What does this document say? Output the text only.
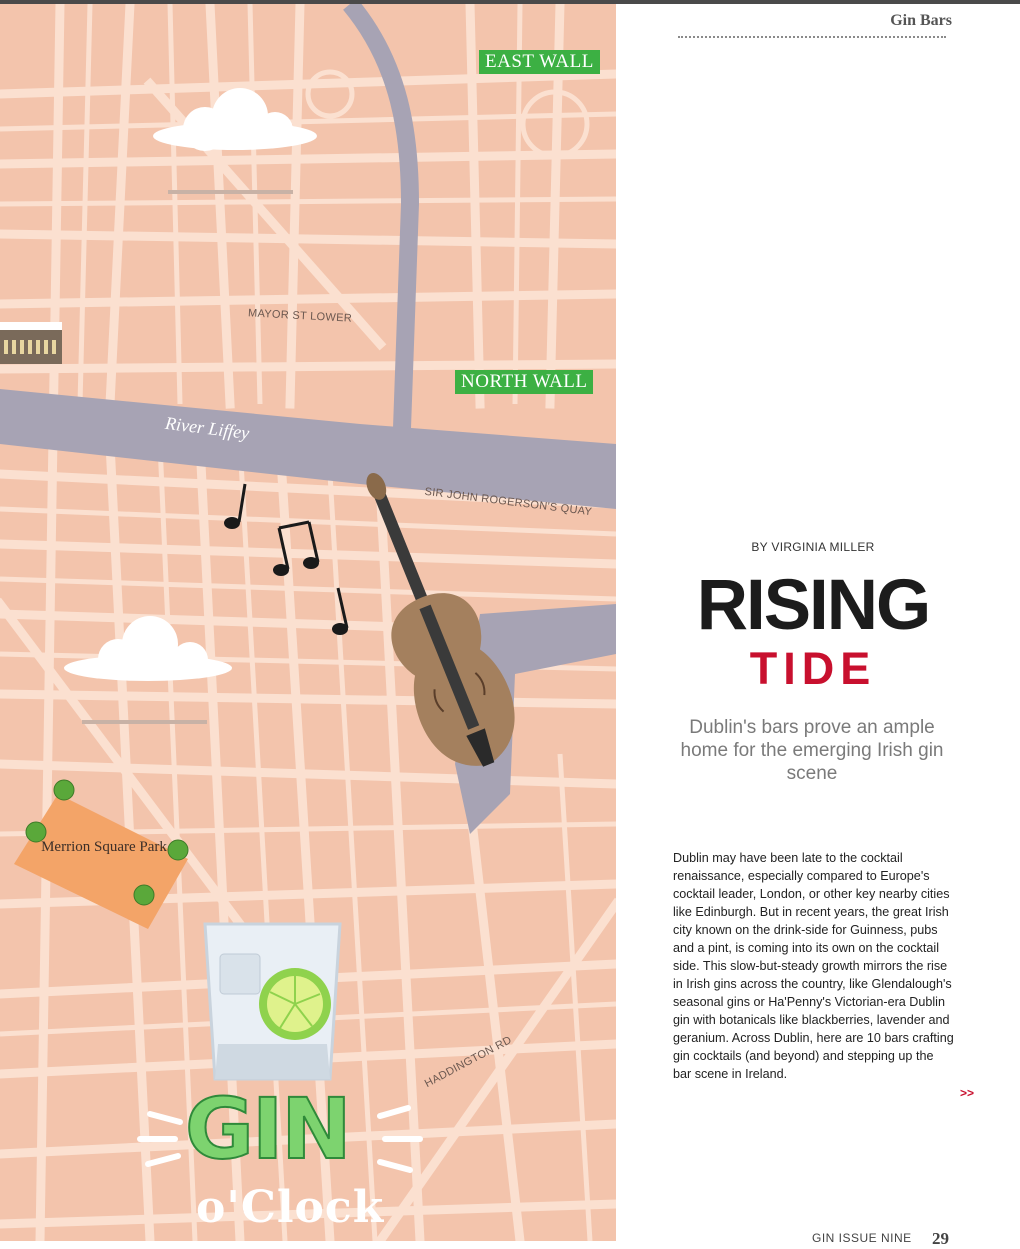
EAST WALL
NORTH WALL
MAYOR ST LOWER
River Liffey
SIR JOHN ROGERSON'S QUAY
Merrion Square Park
HADDINGTON RD
GIN
o'Clock
Gin Bars
BY VIRGINIA MILLER
RISING
TIDE
Dublin's bars prove an ample home for the emerging Irish gin scene
Dublin may have been late to the cocktail renaissance, especially compared to Europe's cocktail leader, London, or other key nearby cities like Edinburgh. But in recent years, the great Irish city known on the drink-side for Guinness, pubs and a pint, is coming into its own on the cocktail side. This slow-but-steady growth mirrors the rise in Irish gins across the country, like Glendalough's seasonal gins or Ha'Penny's Victorian-era Dublin gin with botanicals like blackberries, lavender and geranium. Across Dublin, here are 10 bars crafting gin cocktails (and beyond) and stepping up the bar scene in Ireland.
>>
GIN ISSUE NINE 29
